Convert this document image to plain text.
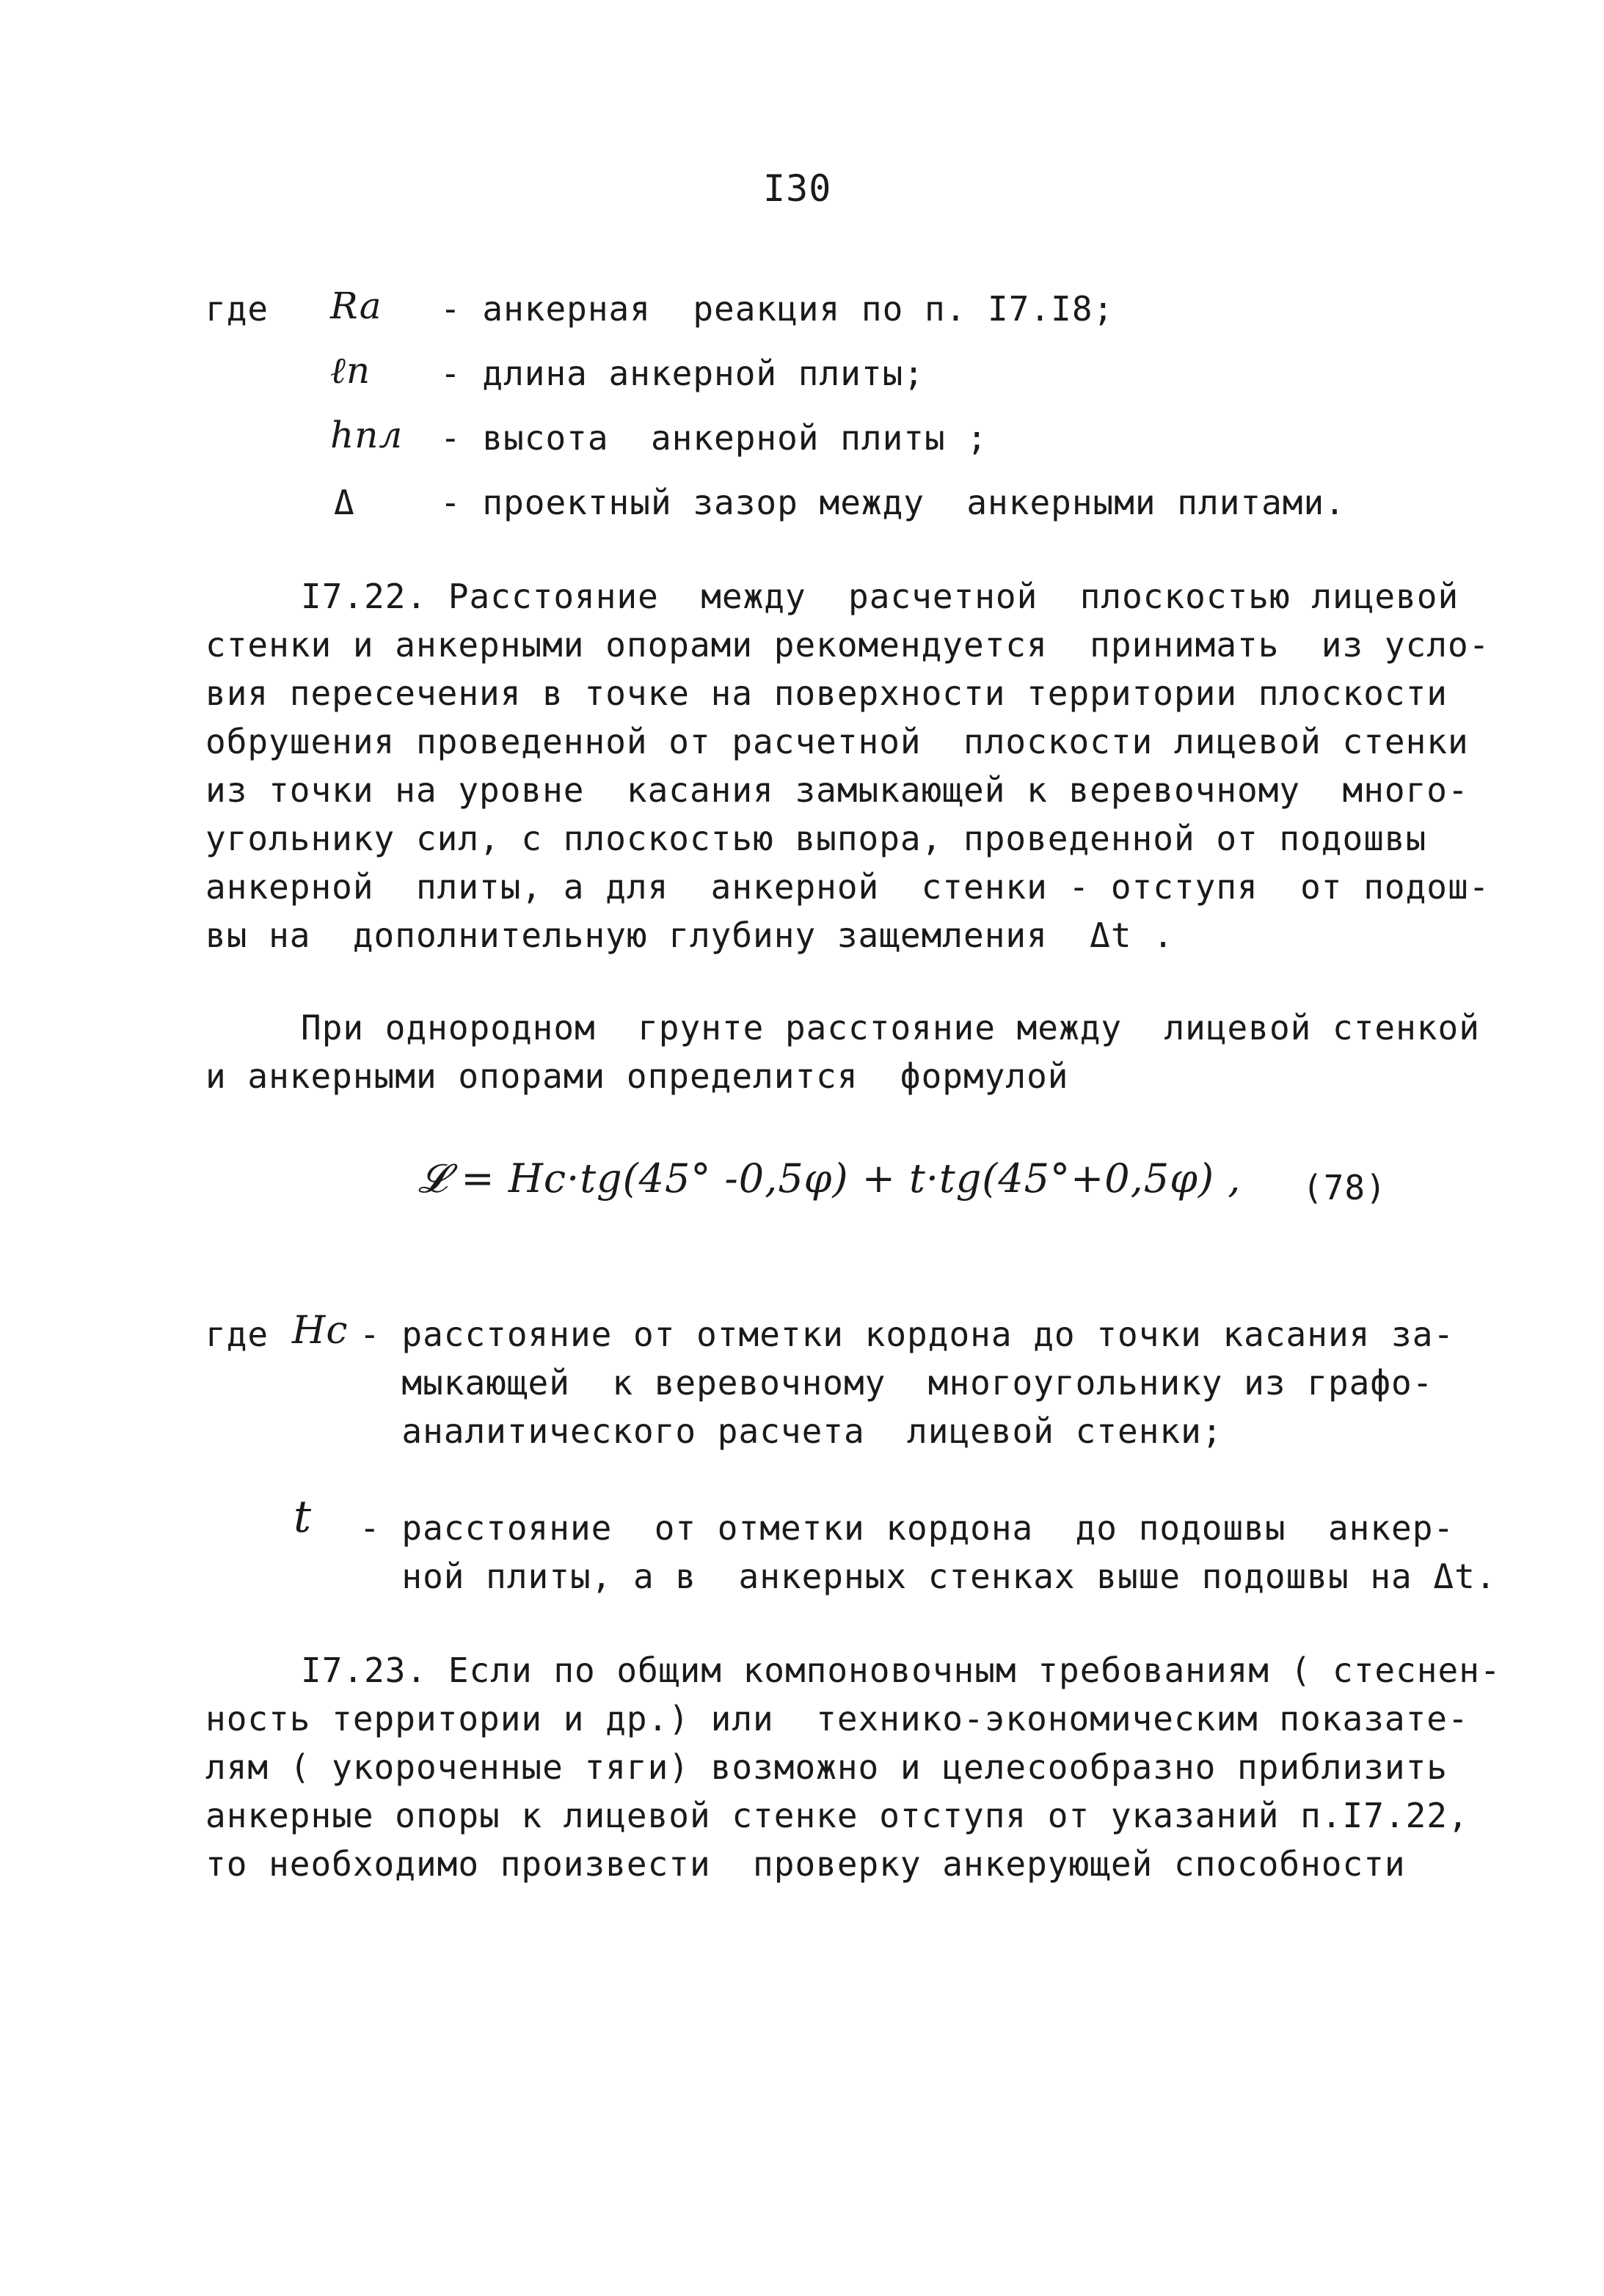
I30
где Ra - анкерная  реакция по п. I7.I8;
ℓп - длина анкерной плиты;
hпл - высота  анкерной плиты ;
Δ	- проектный зазор между  анкерными плитами.
I7.22. Расстояние  между  расчетной  плоскостью лицевой
стенки и анкерными опорами рекомендуется  принимать  из усло-
вия пересечения в точке на поверхности территории плоскости
обрушения проведенной от расчетной  плоскости лицевой стенки
из точки на уровне  касания замыкающей к веревочному  много-
угольнику сил, с плоскостью выпора, проведенной от подошвы
анкерной  плиты, а для  анкерной  стенки - отступя  от подош-
вы на  дополнительную глубину защемления  Δt .
При однородном  грунте расстояние между  лицевой стенкой
и анкерными опорами определится  формулой
𝓛 = Hc·tg(45° -0,5φ) + t·tg(45°+0,5φ) , (78)
где Hc - расстояние от отметки кордона до точки касания за-
мыкающей  к веревочному  многоугольнику из графо-
аналитического расчета  лицевой стенки;
t - расстояние  от отметки кордона  до подошвы  анкер-
ной плиты, а в  анкерных стенках выше подошвы на Δt.
I7.23. Если по общим компоновочным требованиям ( стеснен-
ность территории и др.) или  технико-экономическим показате-
лям ( укороченные тяги) возможно и целесообразно приблизить
анкерные опоры к лицевой стенке отступя от указаний п.I7.22,
то необходимо произвести  проверку анкерующей способности
